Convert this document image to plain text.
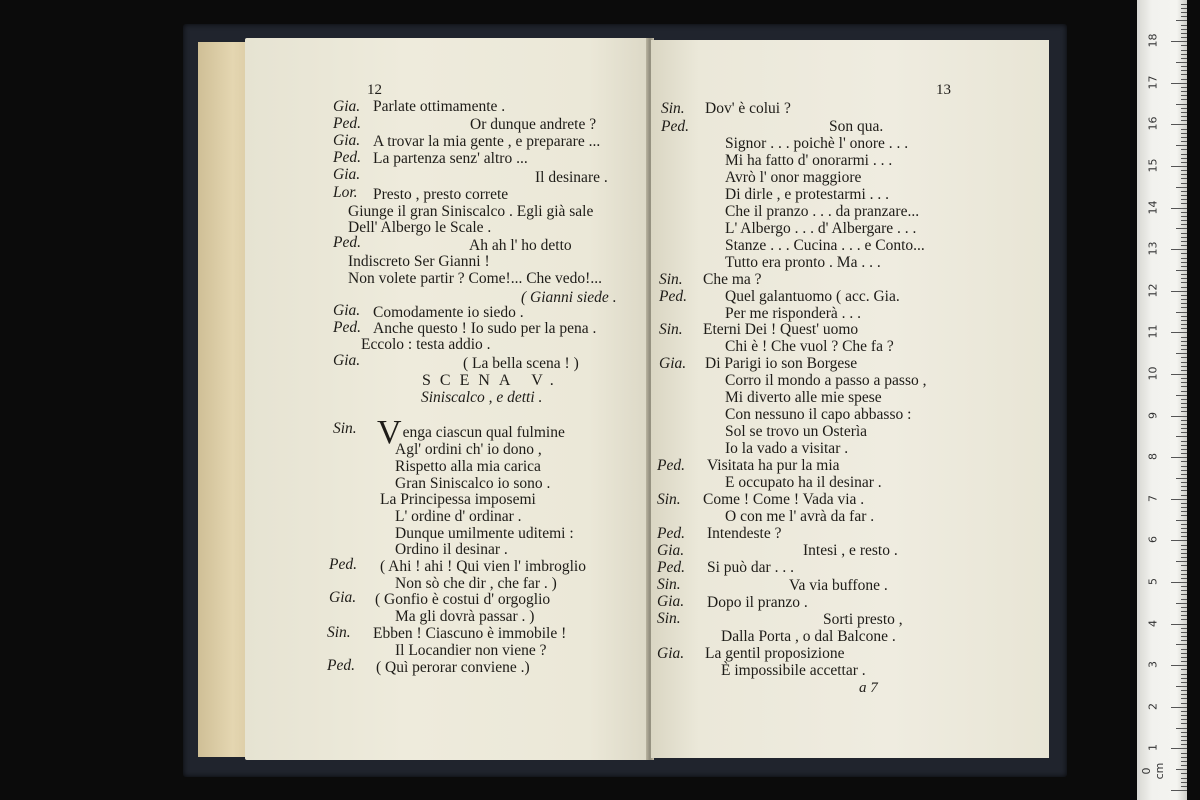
12
Gia. Parlate ottimamente .
Ped.	Or dunque andrete ?
Gia. A trovar la mia gente , e preparare ...
Ped. La partenza senz' altro ...
Gia.	Il desinare .
Lor. Presto , presto correte
Giunge il gran Siniscalco . Egli già sale
Dell' Albergo le Scale .
Ped.	Ah ah l' ho detto
Indiscreto Ser Gianni !
Non volete partir ? Come!... Che vedo!...
( Gianni siede .
Gia. Comodamente io siedo .
Ped. Anche questo ! Io sudo per la pena .
Eccolo : testa addio .
Gia.	( La bella scena ! )
SCENA V.
Siniscalco , e detti .
Sin. Venga ciascun qual fulmine
Agl' ordini ch' io dono ,
Rispetto alla mia carica
Gran Siniscalco io sono .
La Principessa imposemi
L' ordine d' ordinar .
Dunque umilmente uditemi :
Ordino il desinar .
Ped. ( Ahi ! ahi ! Qui vien l' imbroglio
Non sò che dir , che far . )
Gia. ( Gonfio è costui d' orgoglio
Ma gli dovrà passar . )
Sin. Ebben ! Ciascuno è immobile !
Il Locandier non viene ?
Ped. ( Quì perorar conviene .)
13
Sin. Dov' è colui ?
Ped.	Son qua.
Signor . . . poichè l' onore . . .
Mi ha fatto d' onorarmi . . .
Avrò l' onor maggiore
Di dirle , e protestarmi . . .
Che il pranzo . . . da pranzare...
L' Albergo . . . d' Albergare . . .
Stanze . . . Cucina . . . e Conto...
Tutto era pronto . Ma . . .
Sin. Che ma ?
Ped. Quel galantuomo ( acc. Gia.
Per me risponderà . . .
Sin. Eterni Dei ! Quest' uomo
Chi è ! Che vuol ? Che fa ?
Gia. Di Parigi io son Borgese
Corro il mondo a passo a passo ,
Mi diverto alle mie spese
Con nessuno il capo abbasso :
Sol se trovo un Osterìa
Io la vado a visitar .
Ped. Visitata ha pur la mia
E occupato ha il desinar .
Sin. Come ! Come ! Vada via .
O con me l' avrà da far .
Ped. Intendeste ?
Gia.	Intesi , e resto .
Ped. Si può dar . . .
Sin.	Va via buffone .
Gia. Dopo il pranzo .
Sin.	Sorti presto ,
Dalla Porta , o dal Balcone .
Gia. La gentil proposizione
È impossibile accettar .
a 7
1
2
3
4
5
6
7
8
9
10
11
12
13
14
15
16
17
18
0 cm
